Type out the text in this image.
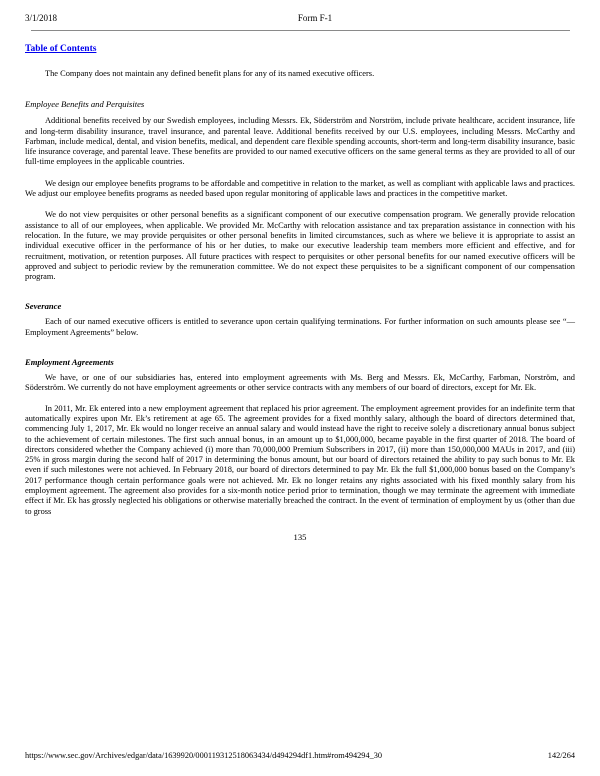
3/1/2018	Form F-1
Table of Contents

The Company does not maintain any defined benefit plans for any of its named executive officers.

Employee Benefits and Perquisites

Additional benefits received by our Swedish employees, including Messrs. Ek, Söderström and Norström, include private healthcare, accident insurance, life and long-term disability insurance, travel insurance, and parental leave. Additional benefits received by our U.S. employees, including Messrs. McCarthy and Farbman, include medical, dental, and vision benefits, medical, and dependent care flexible spending accounts, short-term and long-term disability insurance, basic life insurance coverage, and parental leave. These benefits are provided to our named executive officers on the same general terms as they are provided to all of our full-time employees in the applicable countries.

We design our employee benefits programs to be affordable and competitive in relation to the market, as well as compliant with applicable laws and practices. We adjust our employee benefits programs as needed based upon regular monitoring of applicable laws and practices in the competitive market.

We do not view perquisites or other personal benefits as a significant component of our executive compensation program. We generally provide relocation assistance to all of our employees, when applicable. We provided Mr. McCarthy with relocation assistance and tax preparation assistance in connection with his relocation. In the future, we may provide perquisites or other personal benefits in limited circumstances, such as where we believe it is appropriate to assist an individual executive officer in the performance of his or her duties, to make our executive leadership team members more efficient and effective, and for recruitment, motivation, or retention purposes. All future practices with respect to perquisites or other personal benefits for our named executive officers will be approved and subject to periodic review by the remuneration committee. We do not expect these perquisites to be a significant component of our compensation program.

Severance

Each of our named executive officers is entitled to severance upon certain qualifying terminations. For further information on such amounts please see “—Employment Agreements” below.

Employment Agreements

We have, or one of our subsidiaries has, entered into employment agreements with Ms. Berg and Messrs. Ek, McCarthy, Farbman, Norström, and Söderström. We currently do not have employment agreements or other service contracts with any members of our board of directors, except for Mr. Ek.

In 2011, Mr. Ek entered into a new employment agreement that replaced his prior agreement. The employment agreement provides for an indefinite term that automatically expires upon Mr. Ek’s retirement at age 65. The agreement provides for a fixed monthly salary, although the board of directors determined that, commencing July 1, 2017, Mr. Ek would no longer receive an annual salary and would instead have the right to receive solely a discretionary annual bonus subject to the achievement of certain milestones. The first such annual bonus, in an amount up to $1,000,000, became payable in the first quarter of 2018. The board of directors considered whether the Company achieved (i) more than 70,000,000 Premium Subscribers in 2017, (ii) more than 150,000,000 MAUs in 2017, and (iii) 25% in gross margin during the second half of 2017 in determining the bonus amount, but our board of directors retained the ability to pay such bonus to Mr. Ek even if such milestones were not achieved. In February 2018, our board of directors determined to pay Mr. Ek the full $1,000,000 bonus based on the Company’s 2017 performance though certain performance goals were not achieved. Mr. Ek no longer retains any rights associated with his fixed monthly salary from his employment agreement. The agreement also provides for a six-month notice period prior to termination, though we may terminate the agreement with immediate effect if Mr. Ek has grossly neglected his obligations or otherwise materially breached the contract. In the event of termination of employment by us (other than due to gross

135

https://www.sec.gov/Archives/edgar/data/1639920/000119312518063434/d494294df1.htm#rom494294_30	142/264
